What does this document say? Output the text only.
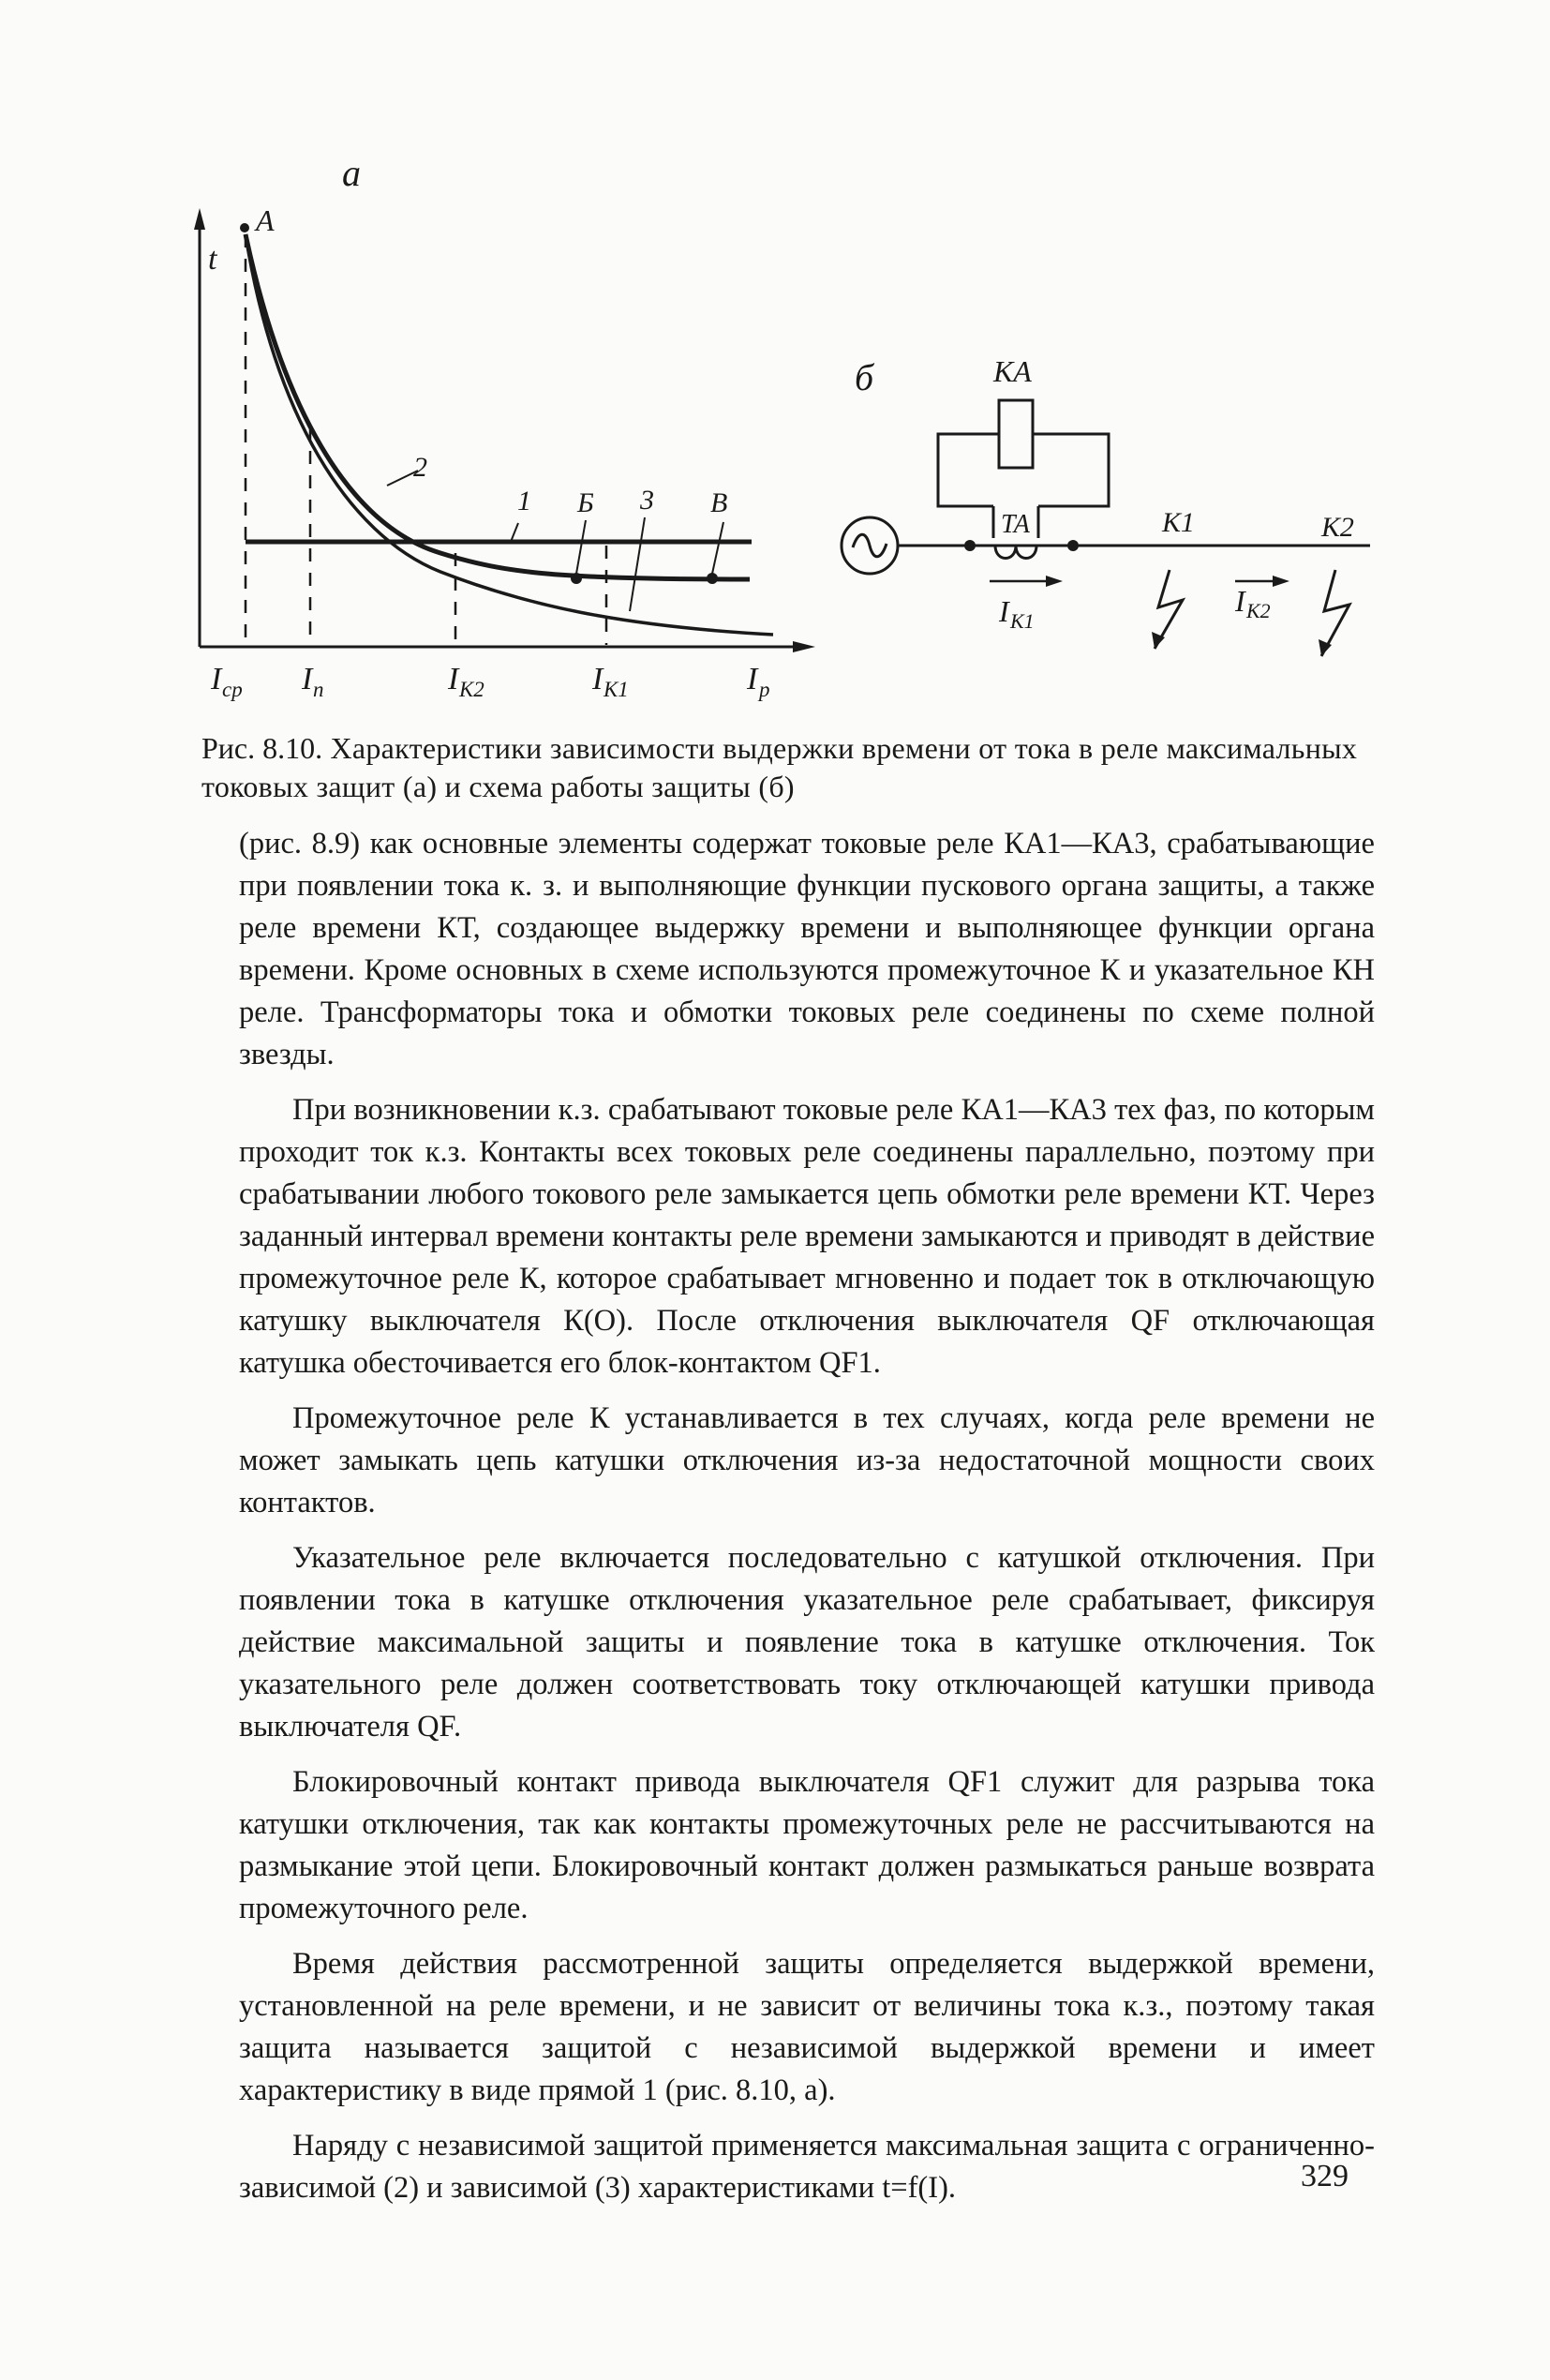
а
t
A
2
1 Б 3 В
I ср I п	I К2	I К1	I р
б	КА
ТА	К1	К2
I К1
I К2
Рис. 8.10. Характеристики зависимости выдержки времени от тока в реле максимальных токовых защит (а) и схема работы защиты (б)

(рис. 8.9) как основные элементы содержат токовые реле КА1—КА3, срабатывающие при появлении тока к. з. и выполняющие функции пускового органа защиты, а также реле времени КТ, создающее выдержку времени и выполняющее функции органа времени. Кроме основных в схеме используются промежуточное К и указательное КН реле. Трансформаторы тока и обмотки токовых реле соединены по схеме полной звезды.

При возникновении к.з. срабатывают токовые реле КА1—КА3 тех фаз, по которым проходит ток к.з. Контакты всех токовых реле соединены параллельно, поэтому при срабатывании любого токового реле замыкается цепь обмотки реле времени КТ. Через заданный интервал времени контакты реле времени замыкаются и приводят в действие промежуточное реле К, которое срабатывает мгновенно и подает ток в отключающую катушку выключателя К(О). После отключения выключателя QF отключающая катушка обесточивается его блок-контактом QF1.

Промежуточное реле К устанавливается в тех случаях, когда реле времени не может замыкать цепь катушки отключения из-за недостаточной мощности своих контактов.

Указательное реле включается последовательно с катушкой отключения. При появлении тока в катушке отключения указательное реле срабатывает, фиксируя действие максимальной защиты и появление тока в катушке отключения. Ток указательного реле должен соответствовать току отключающей катушки привода выключателя QF.

Блокировочный контакт привода выключателя QF1 служит для разрыва тока катушки отключения, так как контакты промежуточных реле не рассчитываются на размыкание этой цепи. Блокировочный контакт должен размыкаться раньше возврата промежуточного реле.

Время действия рассмотренной защиты определяется выдержкой времени, установленной на реле времени, и не зависит от величины тока к.з., поэтому такая защита называется защитой с независимой выдержкой времени и имеет характеристику в виде прямой 1 (рис. 8.10, а).

Наряду с независимой защитой применяется максимальная защита с ограниченно-зависимой (2) и зависимой (3) характеристиками t=f(I).	329
